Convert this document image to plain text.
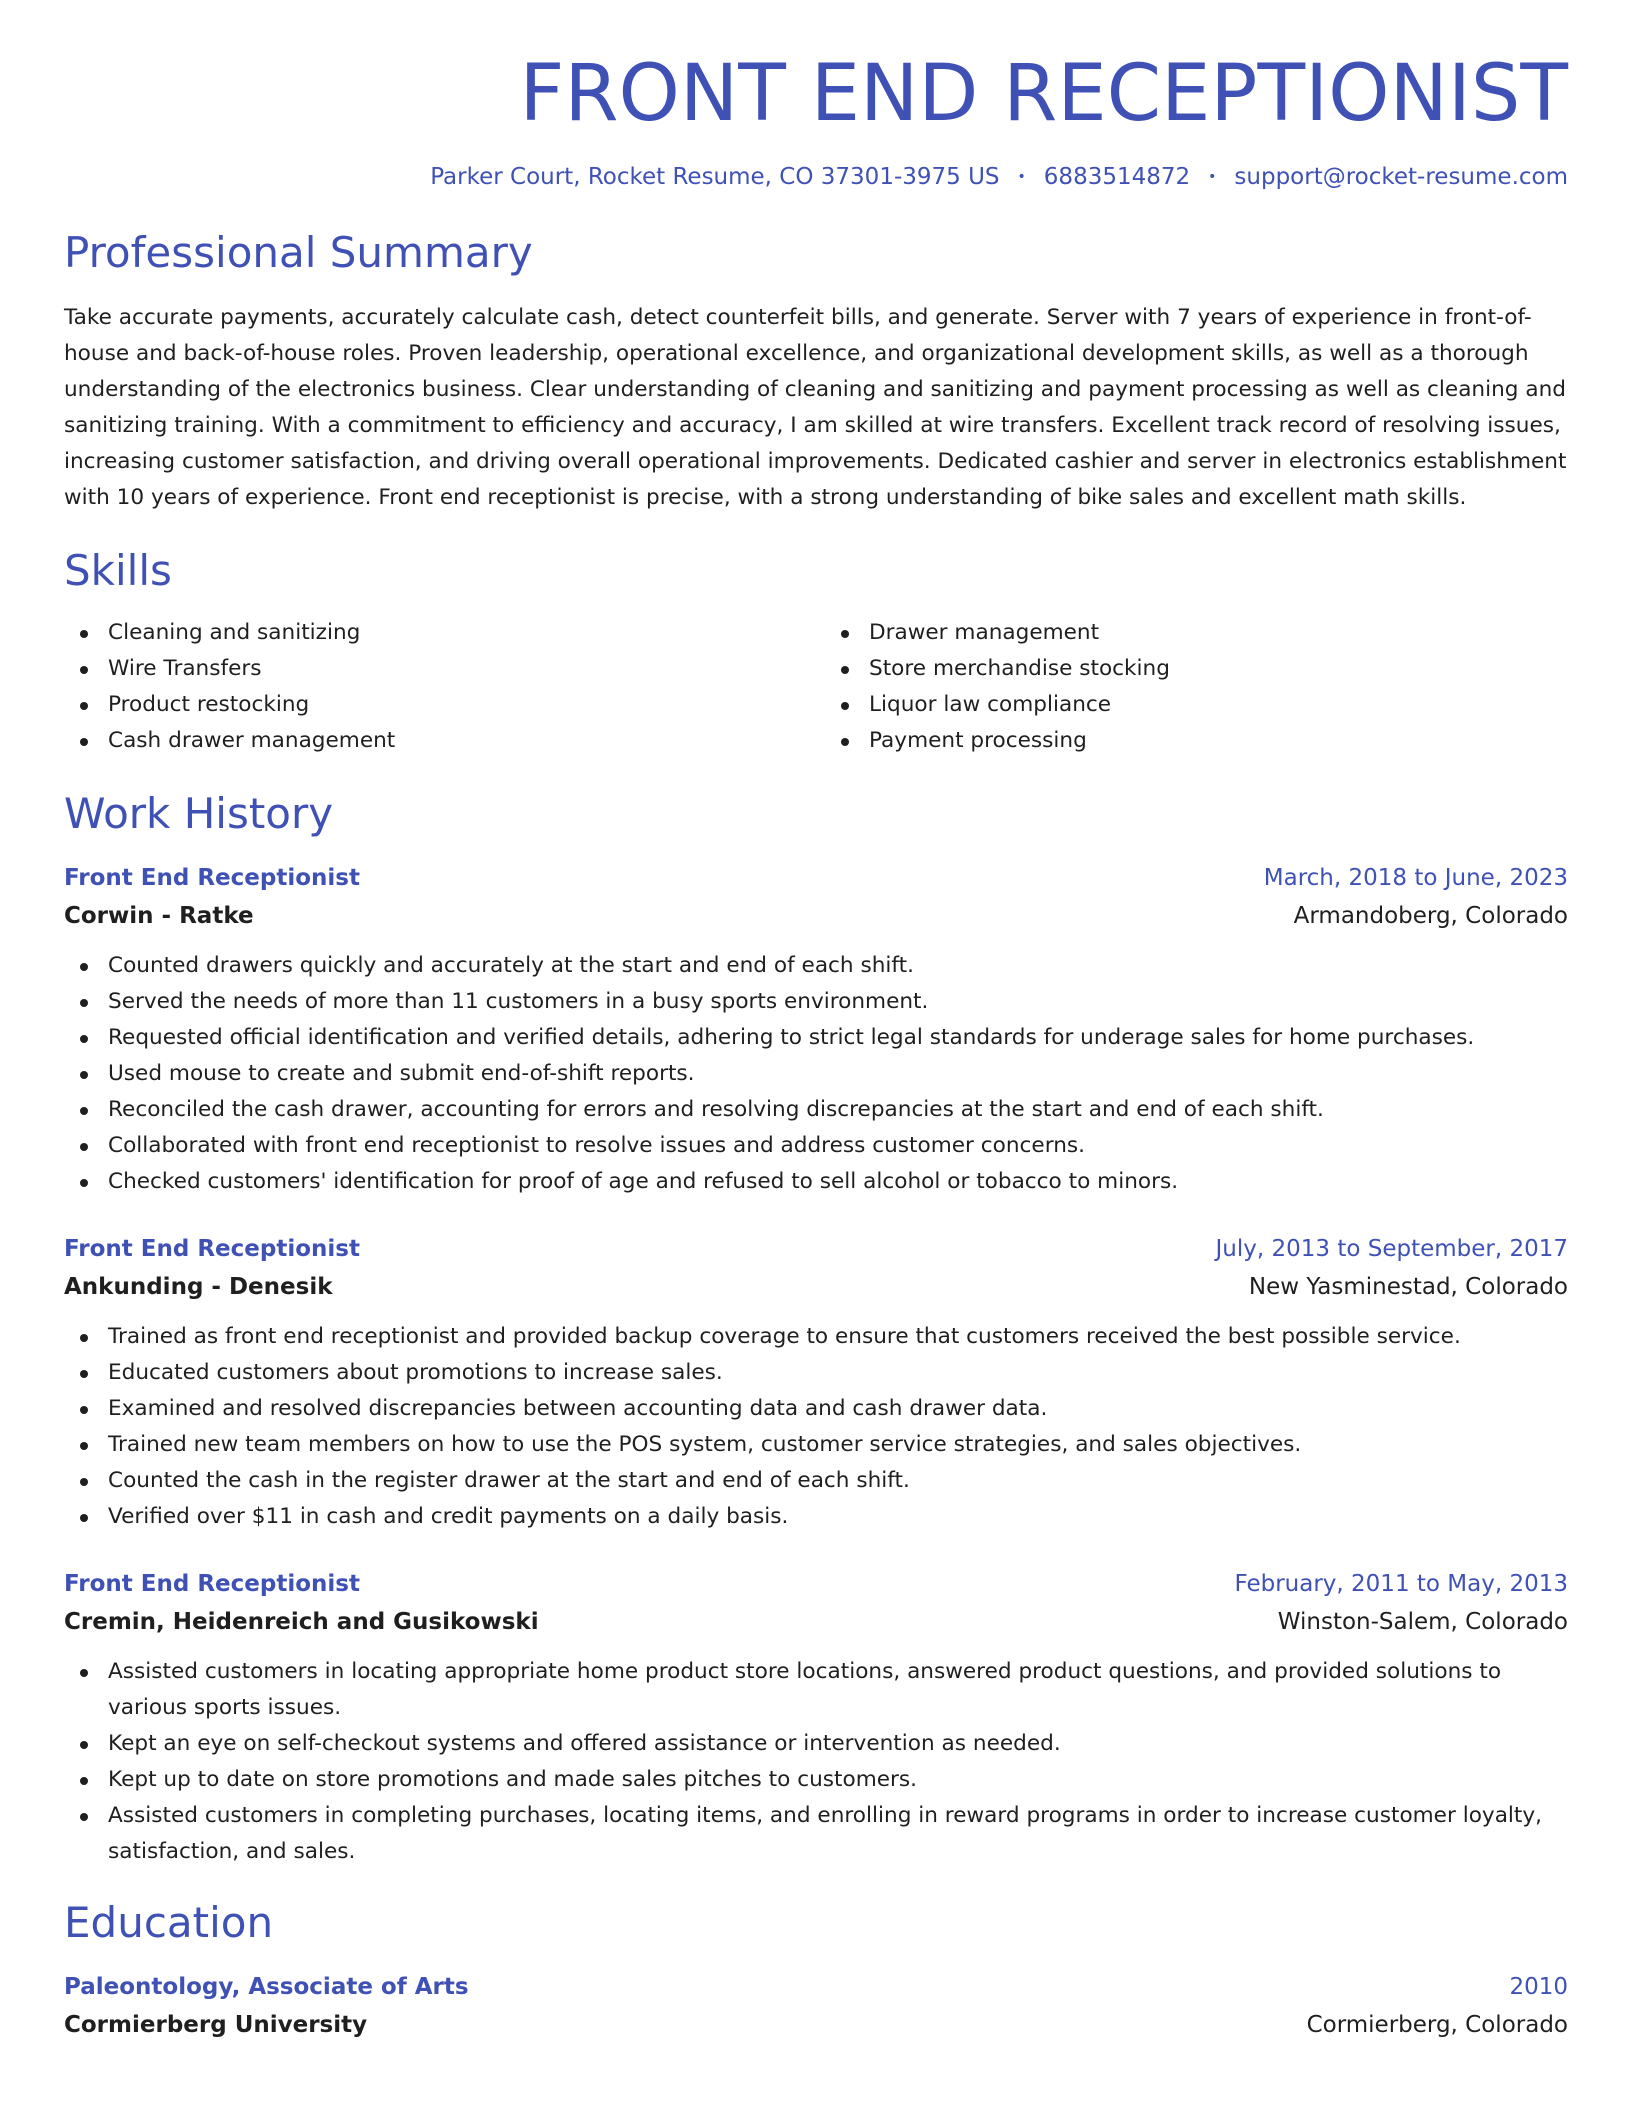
FRONT END RECEPTIONIST
Parker Court, Rocket Resume, CO 37301-3975 US • 6883514872 • support@rocket-resume.com
Professional Summary

Take accurate payments, accurately calculate cash, detect counterfeit bills, and generate. Server with 7 years of experience in front-of-house and back-of-house roles. Proven leadership, operational excellence, and organizational development skills, as well as a thorough understanding of the electronics business. Clear understanding of cleaning and sanitizing and payment processing as well as cleaning and sanitizing training. With a commitment to efficiency and accuracy, I am skilled at wire transfers. Excellent track record of resolving issues, increasing customer satisfaction, and driving overall operational improvements. Dedicated cashier and server in electronics establishment with 10 years of experience. Front end receptionist is precise, with a strong understanding of bike sales and excellent math skills.

Skills
Cleaning and sanitizing
Wire Transfers
Product restocking
Cash drawer management
Drawer management
Store merchandise stocking
Liquor law compliance
Payment processing
Work History
Front End Receptionist	March, 2018 to June, 2023
Corwin - Ratke	Armandoberg, Colorado
Counted drawers quickly and accurately at the start and end of each shift.
Served the needs of more than 11 customers in a busy sports environment.
Requested official identification and verified details, adhering to strict legal standards for underage sales for home purchases.
Used mouse to create and submit end-of-shift reports.
Reconciled the cash drawer, accounting for errors and resolving discrepancies at the start and end of each shift.
Collaborated with front end receptionist to resolve issues and address customer concerns.
Checked customers' identification for proof of age and refused to sell alcohol or tobacco to minors.
Front End Receptionist	July, 2013 to September, 2017
Ankunding - Denesik	New Yasminestad, Colorado
Trained as front end receptionist and provided backup coverage to ensure that customers received the best possible service.
Educated customers about promotions to increase sales.
Examined and resolved discrepancies between accounting data and cash drawer data.
Trained new team members on how to use the POS system, customer service strategies, and sales objectives.
Counted the cash in the register drawer at the start and end of each shift.
Verified over $11 in cash and credit payments on a daily basis.
Front End Receptionist	February, 2011 to May, 2013
Cremin, Heidenreich and Gusikowski	Winston-Salem, Colorado
Assisted customers in locating appropriate home product store locations, answered product questions, and provided solutions to various sports issues.
Kept an eye on self-checkout systems and offered assistance or intervention as needed.
Kept up to date on store promotions and made sales pitches to customers.
Assisted customers in completing purchases, locating items, and enrolling in reward programs in order to increase customer loyalty, satisfaction, and sales.
Education
Paleontology, Associate of Arts	2010
Cormierberg University	Cormierberg, Colorado
